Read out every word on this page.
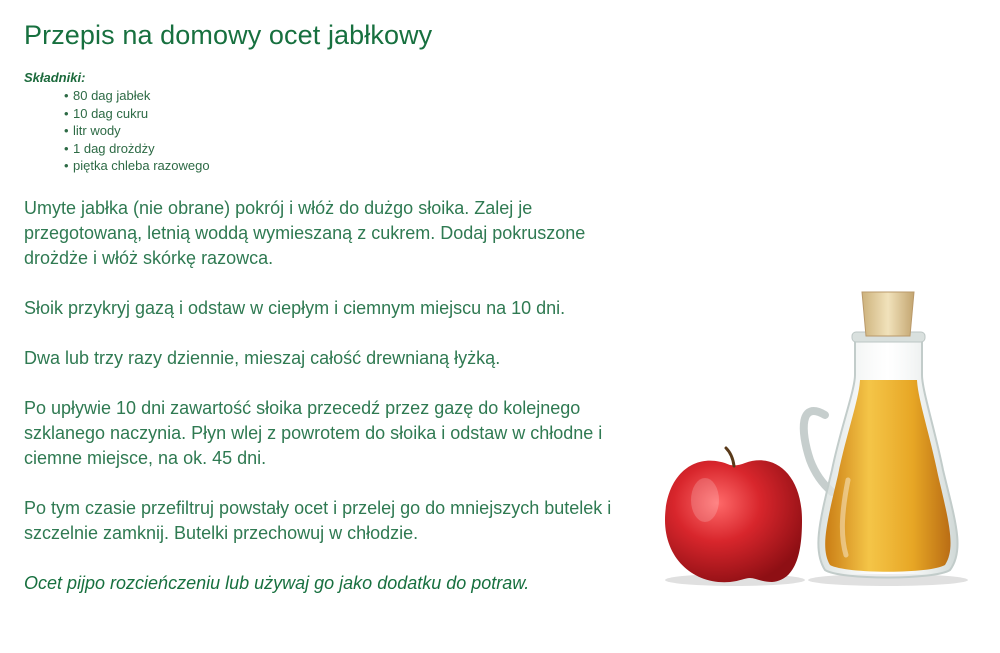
Przepis na domowy ocet jabłkowy
Składniki:
• 80 dag jabłek
• 10 dag cukru
• litr wody
• 1 dag drożdży
• piętka chleba razowego

Umyte jabłka (nie obrane) pokrój i włóż do dużgo słoika. Zalej je przegotowaną, letnią woddą wymieszaną z cukrem. Dodaj pokruszone drożdże i włóż skórkę razowca.

Słoik przykryj gazą i odstaw w ciepłym i ciemnym miejscu na 10 dni.

Dwa lub trzy razy dziennie, mieszaj całość drewnianą łyżką.

Po upływie 10 dni zawartość słoika przecedź przez gazę do kolejnego szklanego naczynia. Płyn wlej z powrotem do słoika i odstaw w chłodne i ciemne miejsce, na ok. 45 dni.

Po tym czasie przefiltruj powstały ocet i przelej go do mniejszych butelek i szczelnie zamknij. Butelki przechowuj w chłodzie.

Ocet pijpo rozcieńczeniu lub używaj go jako dodatku do potraw.
